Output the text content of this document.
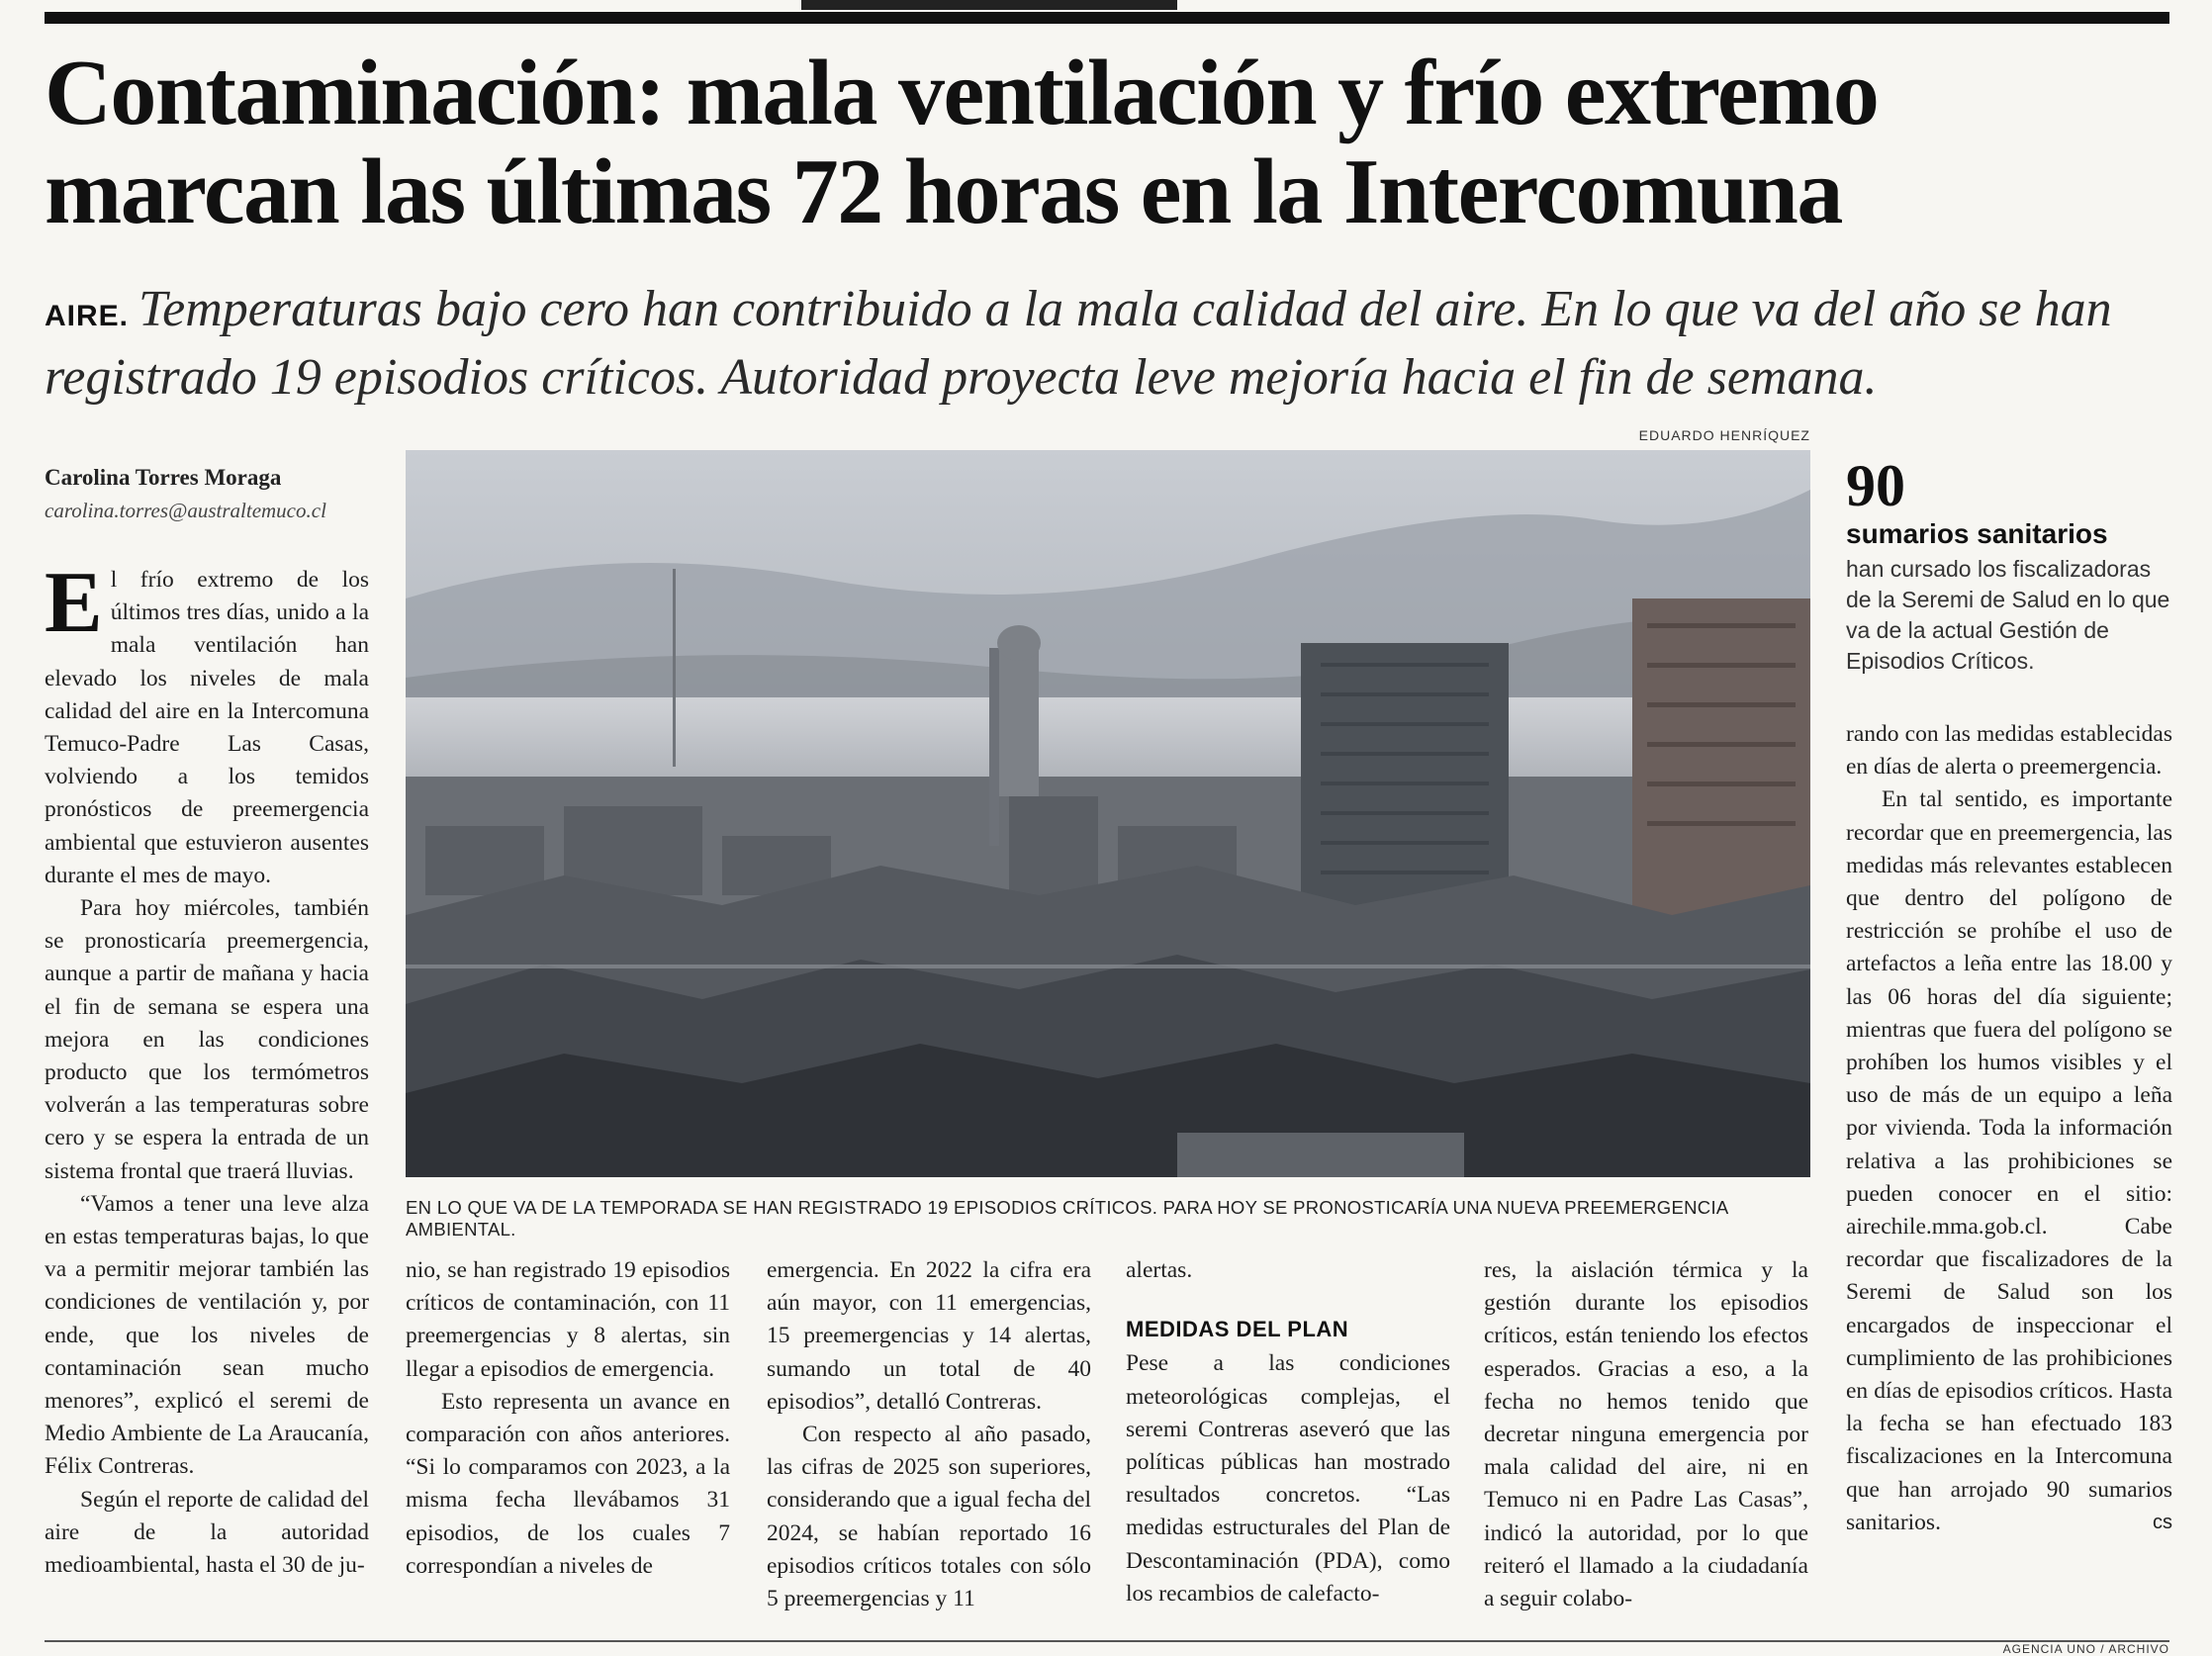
Contaminación: mala ventilación y frío extremo marcan las últimas 72 horas en la Intercomuna

AIRE. Temperaturas bajo cero han contribuido a la mala calidad del aire. En lo que va del año se han registrado 19 episodios críticos. Autoridad proyecta leve mejoría hacia el fin de semana.

Carolina Torres Moraga
carolina.torres@australtemuco.cl

El frío extremo de los últimos tres días, unido a la mala ventilación han elevado los niveles de mala calidad del aire en la Intercomuna Temuco-Padre Las Casas, volviendo a los temidos pronósticos de preemergencia ambiental que estuvieron ausentes durante el mes de mayo.

Para hoy miércoles, también se pronosticaría preemergencia, aunque a partir de mañana y hacia el fin de semana se espera una mejora en las condiciones producto que los termómetros volverán a las temperaturas sobre cero y se espera la entrada de un sistema frontal que traerá lluvias.

“Vamos a tener una leve alza en estas temperaturas bajas, lo que va a permitir mejorar también las condiciones de ventilación y, por ende, que los niveles de contaminación sean mucho menores”, explicó el seremi de Medio Ambiente de La Araucanía, Félix Contreras.

Según el reporte de calidad del aire de la autoridad medioambiental, hasta el 30 de ju-

EDUARDO HENRÍQUEZ
EN LO QUE VA DE LA TEMPORADA SE HAN REGISTRADO 19 EPISODIOS CRÍTICOS. PARA HOY SE PRONOSTICARÍA UNA NUEVA PREEMERGENCIA AMBIENTAL.

nio, se han registrado 19 episodios críticos de contaminación, con 11 preemergencias y 8 alertas, sin llegar a episodios de emergencia.

Esto representa un avance en comparación con años anteriores. “Si lo comparamos con 2023, a la misma fecha llevábamos 31 episodios, de los cuales 7 correspondían a niveles de

emergencia. En 2022 la cifra era aún mayor, con 11 emergencias, 15 preemergencias y 14 alertas, sumando un total de 40 episodios”, detalló Contreras.

Con respecto al año pasado, las cifras de 2025 son superiores, considerando que a igual fecha del 2024, se habían reportado 16 episodios críticos totales con sólo 5 preemergencias y 11

alertas.

MEDIDAS DEL PLAN

Pese a las condiciones meteorológicas complejas, el seremi Contreras aseveró que las políticas públicas han mostrado resultados concretos. “Las medidas estructurales del Plan de Descontaminación (PDA), como los recambios de calefacto-

res, la aislación térmica y la gestión durante los episodios críticos, están teniendo los efectos esperados. Gracias a eso, a la fecha no hemos tenido que decretar ninguna emergencia por mala calidad del aire, ni en Temuco ni en Padre Las Casas”, indicó la autoridad, por lo que reiteró el llamado a la ciudadanía a seguir colabo-

90
sumarios sanitarios
han cursado los fiscalizadoras de la Seremi de Salud en lo que va de la actual Gestión de Episodios Críticos.

rando con las medidas establecidas en días de alerta o preemergencia.

En tal sentido, es importante recordar que en preemergencia, las medidas más relevantes establecen que dentro del polígono de restricción se prohíbe el uso de artefactos a leña entre las 18.00 y las 06 horas del día siguiente; mientras que fuera del polígono se prohíben los humos visibles y el uso de más de un equipo a leña por vivienda. Toda la información relativa a las prohibiciones se pueden conocer en el sitio: airechile.mma.gob.cl. Cabe recordar que fiscalizadores de la Seremi de Salud son los encargados de inspeccionar el cumplimiento de las prohibiciones en días de episodios críticos. Hasta la fecha se han efectuado 183 fiscalizaciones en la Intercomuna que han arrojado 90 sumarios sanitarios.	cs

AGENCIA UNO / ARCHIVO
